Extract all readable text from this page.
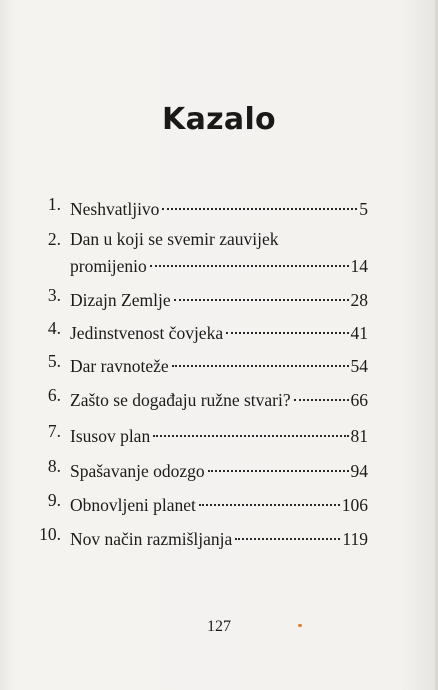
Kazalo
1. Neshvatljivo	5
2. Dan u koji se svemir zauvijek
promijenio	14
3. Dizajn Zemlje	28
4. Jedinstvenost čovjeka	41
5. Dar ravnoteže	54
6. Zašto se događaju ružne stvari?	66
7. Isusov plan	81
8. Spašavanje odozgo	94
9. Obnovljeni planet	106
10. Nov način razmišljanja	119
127
